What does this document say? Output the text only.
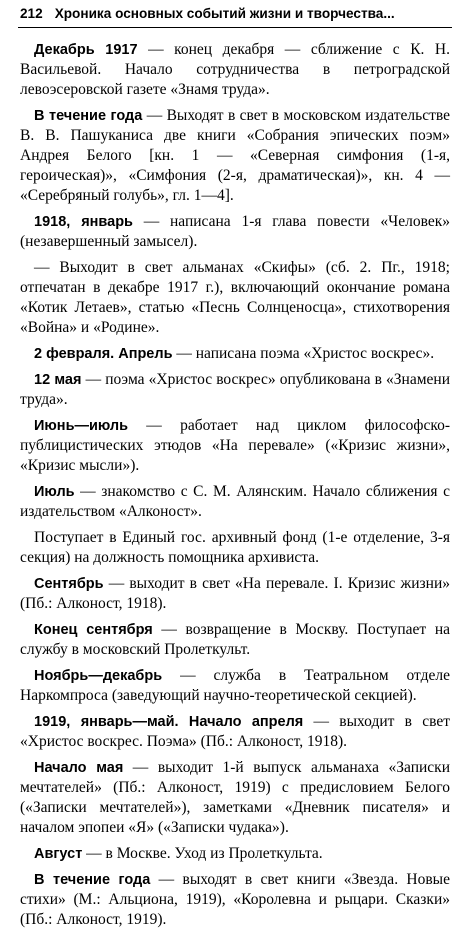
212 Хроника основных событий жизни и творчества...

Декабрь 1917 — конец декабря — сближение с К. Н. Васильевой. Начало сотрудничества в петроградской левоэсеровской газете «Знамя труда».

В течение года — Выходят в свет в московском издательстве В. В. Пашуканиса две книги «Собрания эпических поэм» Андрея Белого [кн. 1 — «Северная симфония (1-я, героическая)», «Симфония (2-я, драматическая)», кн. 4 — «Серебряный голубь», гл. 1—4].

1918, январь — написана 1-я глава повести «Человек» (незавершенный замысел).

— Выходит в свет альманах «Скифы» (сб. 2. Пг., 1918; отпечатан в декабре 1917 г.), включающий окончание романа «Котик Летаев», статью «Песнь Солнценосца», стихотворения «Война» и «Родине».

2 февраля. Апрель — написана поэма «Христос воскрес».

12 мая — поэма «Христос воскрес» опубликована в «Знамени труда».

Июнь—июль — работает над циклом философско-публицистических этюдов «На перевале» («Кризис жизни», «Кризис мысли»).

Июль — знакомство с С. М. Алянским. Начало сближения с издательством «Алконост».

Поступает в Единый гос. архивный фонд (1-е отделение, 3-я секция) на должность помощника архивиста.

Сентябрь — выходит в свет «На перевале. I. Кризис жизни» (Пб.: Алконост, 1918).

Конец сентября — возвращение в Москву. Поступает на службу в московский Пролеткульт.

Ноябрь—декабрь — служба в Театральном отделе Наркомпроса (заведующий научно-теоретической секцией).

1919, январь—май. Начало апреля — выходит в свет «Христос воскрес. Поэма» (Пб.: Алконост, 1918).

Начало мая — выходит 1-й выпуск альманаха «Записки мечтателей» (Пб.: Алконост, 1919) с предисловием Белого («Записки мечтателей»), заметками «Дневник писателя» и началом эпопеи «Я» («Записки чудака»).

Август — в Москве. Уход из Пролеткульта.

В течение года — выходят в свет книги «Звезда. Новые стихи» (М.: Альциона, 1919), «Королевна и рыцари. Сказки» (Пб.: Алконост, 1919).
